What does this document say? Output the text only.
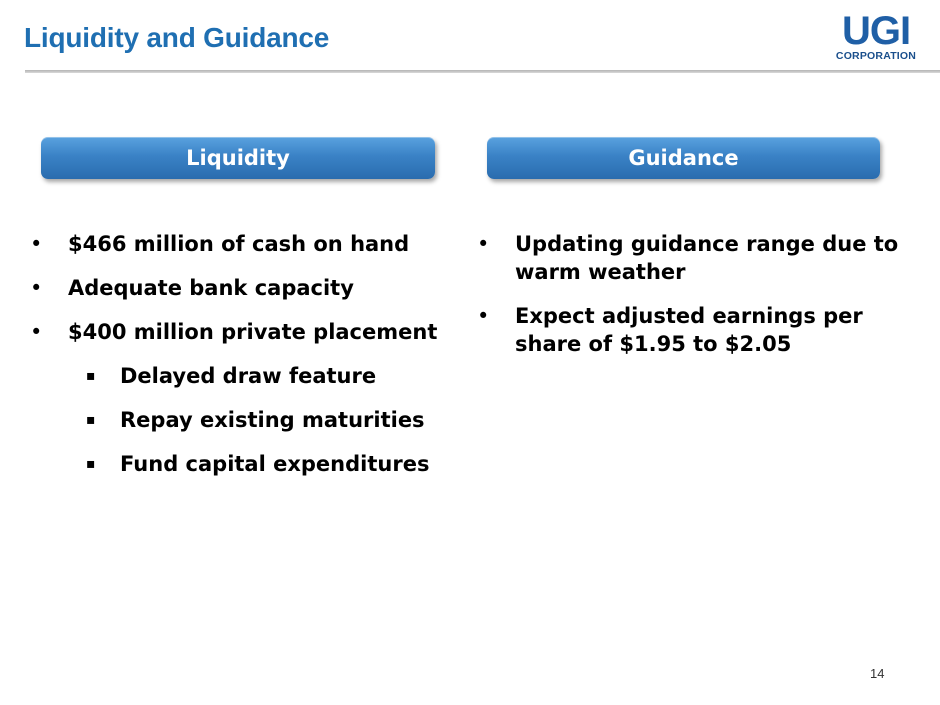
Liquidity and Guidance	UGI
CORPORATION
Liquidity	Guidance
• $466 million of cash on hand
• Adequate bank capacity
• $400 million private placement
▪ Delayed draw feature
▪ Repay existing maturities
▪ Fund capital expenditures
• Updating guidance range due to warm weather
• Expect adjusted earnings per share of $1.95 to $2.05
14
